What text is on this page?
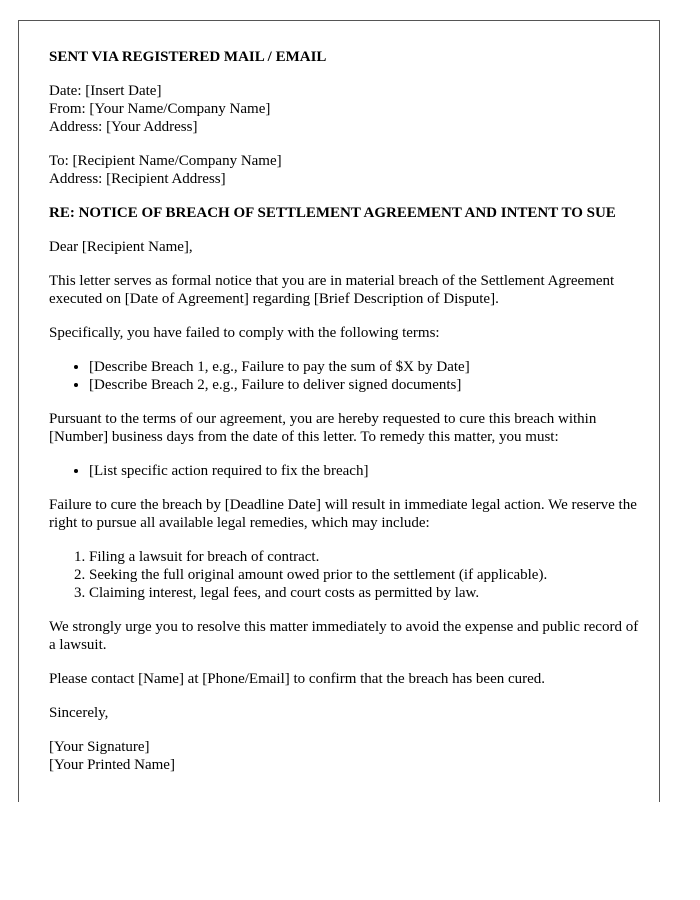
SENT VIA REGISTERED MAIL / EMAIL
Date: [Insert Date]
From: [Your Name/Company Name]
Address: [Your Address]
To: [Recipient Name/Company Name]
Address: [Recipient Address]
RE: NOTICE OF BREACH OF SETTLEMENT AGREEMENT AND INTENT TO SUE

Dear [Recipient Name],

This letter serves as formal notice that you are in material breach of the Settlement Agreement executed on [Date of Agreement] regarding [Brief Description of Dispute].

Specifically, you have failed to comply with the following terms:

• [Describe Breach 1, e.g., Failure to pay the sum of $X by Date]
• [Describe Breach 2, e.g., Failure to deliver signed documents]

Pursuant to the terms of our agreement, you are hereby requested to cure this breach within [Number] business days from the date of this letter. To remedy this matter, you must:

• [List specific action required to fix the breach]

Failure to cure the breach by [Deadline Date] will result in immediate legal action. We reserve the right to pursue all available legal remedies, which may include:

1. Filing a lawsuit for breach of contract.
2. Seeking the full original amount owed prior to the settlement (if applicable).
3. Claiming interest, legal fees, and court costs as permitted by law.

We strongly urge you to resolve this matter immediately to avoid the expense and public record of a lawsuit.

Please contact [Name] at [Phone/Email] to confirm that the breach has been cured.

Sincerely,

[Your Signature]
[Your Printed Name]
